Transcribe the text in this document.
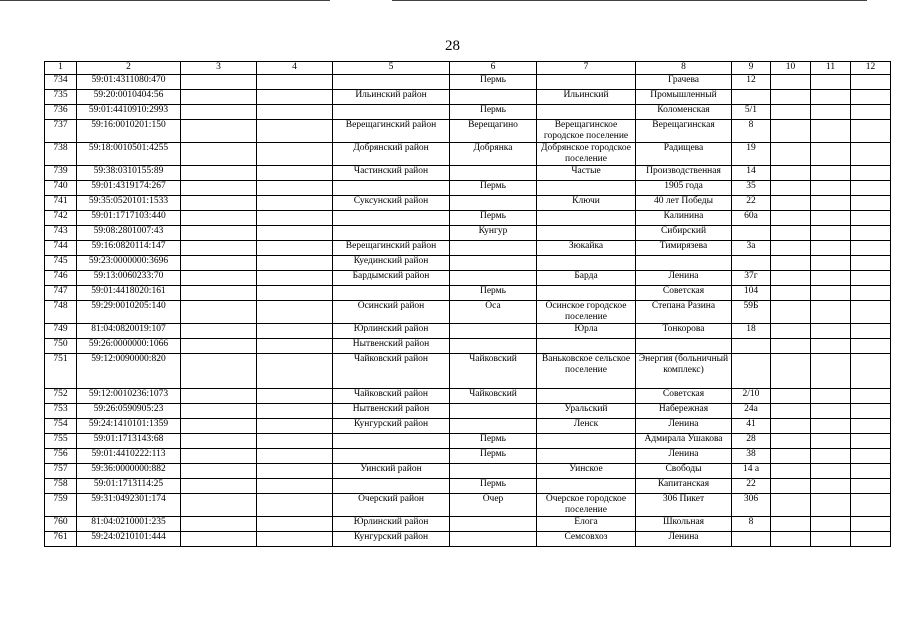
28
1	2	3	4	5	6	7	8	9	10	11	12
734	59:01:4311080:470				Пермь		Грачева	12			
735	59:20:0010404:56			Ильинский район		Ильинский	Промышленный				
736	59:01:4410910:2993				Пермь		Коломенская	5/1			
737	59:16:0010201:150			Верещагинский район	Верещагино	Верещагинское городское поселение	Верещагинская	8			
738	59:18:0010501:4255			Добрянский район	Добрянка	Добрянское городское поселение	Радищева	19			
739	59:38:0310155:89			Частинский район		Частые	Производственная	14			
740	59:01:4319174:267				Пермь		1905 года	35			
741	59:35:0520101:1533			Суксунский район		Ключи	40 лет Победы	22			
742	59:01:1717103:440				Пермь		Калинина	60а			
743	59:08:2801007:43				Кунгур		Сибирский				
744	59:16:0820114:147			Верещагинский район		Зюкайка	Тимирязева	3а			
745	59:23:0000000:3696			Куединский район							
746	59:13:0060233:70			Бардымский район		Барда	Ленина	37г			
747	59:01:4418020:161				Пермь		Советская	104			
748	59:29:0010205:140			Осинский район	Оса	Осинское городское поселение	Степана Разина	59Б			
749	81:04:0820019:107			Юрлинский район		Юрла	Тонкорова	18			
750	59:26:0000000:1066			Нытвенский район							
751	59:12:0090000:820			Чайковский район	Чайковский	Ваньковское сельское поселение	Энергия (больничный комплекс)				
752	59:12:0010236:1073			Чайковский район	Чайковский		Советская	2/10			
753	59:26:0590905:23			Нытвенский район		Уральский	Набережная	24а			
754	59:24:1410101:1359			Кунгурский район		Ленск	Ленина	41			
755	59:01:1713143:68				Пермь		Адмирала Ушакова	28			
756	59:01:4410222:113				Пермь		Ленина	38			
757	59:36:0000000:882			Уинский район		Уинское	Свободы	14 а			
758	59:01:1713114:25				Пермь		Капитанская	22			
759	59:31:0492301:174			Очерский район	Очер	Очерское городское поселение	306 Пикет	306			
760	81:04:0210001:235			Юрлинский район		Елога	Школьная	8			
761	59:24:0210101:444			Кунгурский район		Семсовхоз	Ленина				
